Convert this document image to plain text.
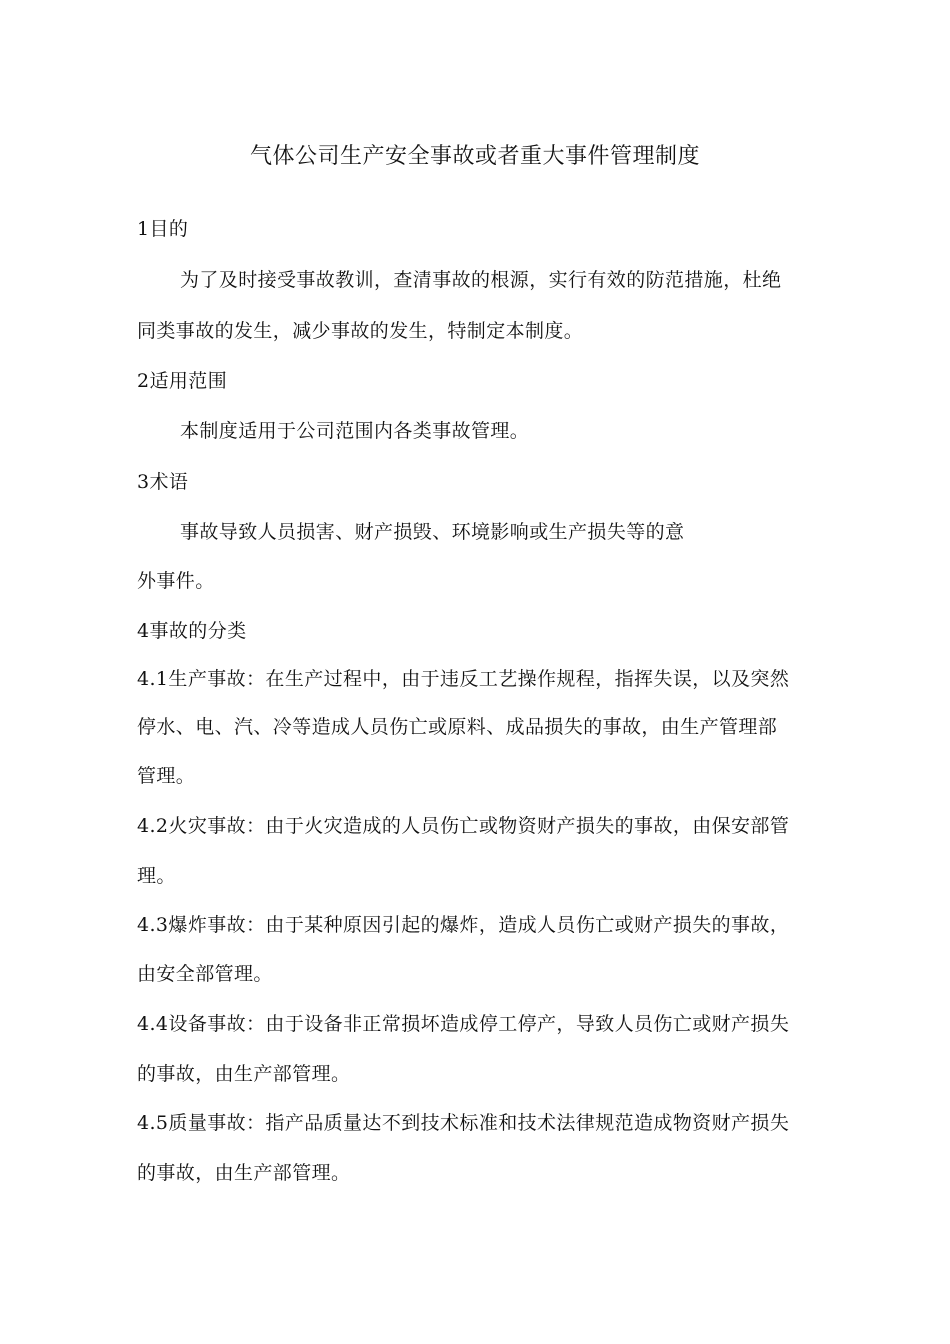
气体公司生产安全事故或者重大事件管理制度
1目的
为了及时接受事故教训，查清事故的根源，实行有效的防范措施，杜绝
同类事故的发生，减少事故的发生，特制定本制度。
2适用范围
本制度适用于公司范围内各类事故管理。
3术语
事故导致人员损害、财产损毁、环境影响或生产损失等的意
外事件。
4事故的分类
4.1生产事故：在生产过程中，由于违反工艺操作规程，指挥失误，以及突然
停水、电、汽、冷等造成人员伤亡或原料、成品损失的事故，由生产管理部
管理。
4.2火灾事故：由于火灾造成的人员伤亡或物资财产损失的事故，由保安部管
理。
4.3爆炸事故：由于某种原因引起的爆炸，造成人员伤亡或财产损失的事故，
由安全部管理。
4.4设备事故：由于设备非正常损坏造成停工停产，导致人员伤亡或财产损失
的事故，由生产部管理。
4.5质量事故：指产品质量达不到技术标准和技术法律规范造成物资财产损失
的事故，由生产部管理。
